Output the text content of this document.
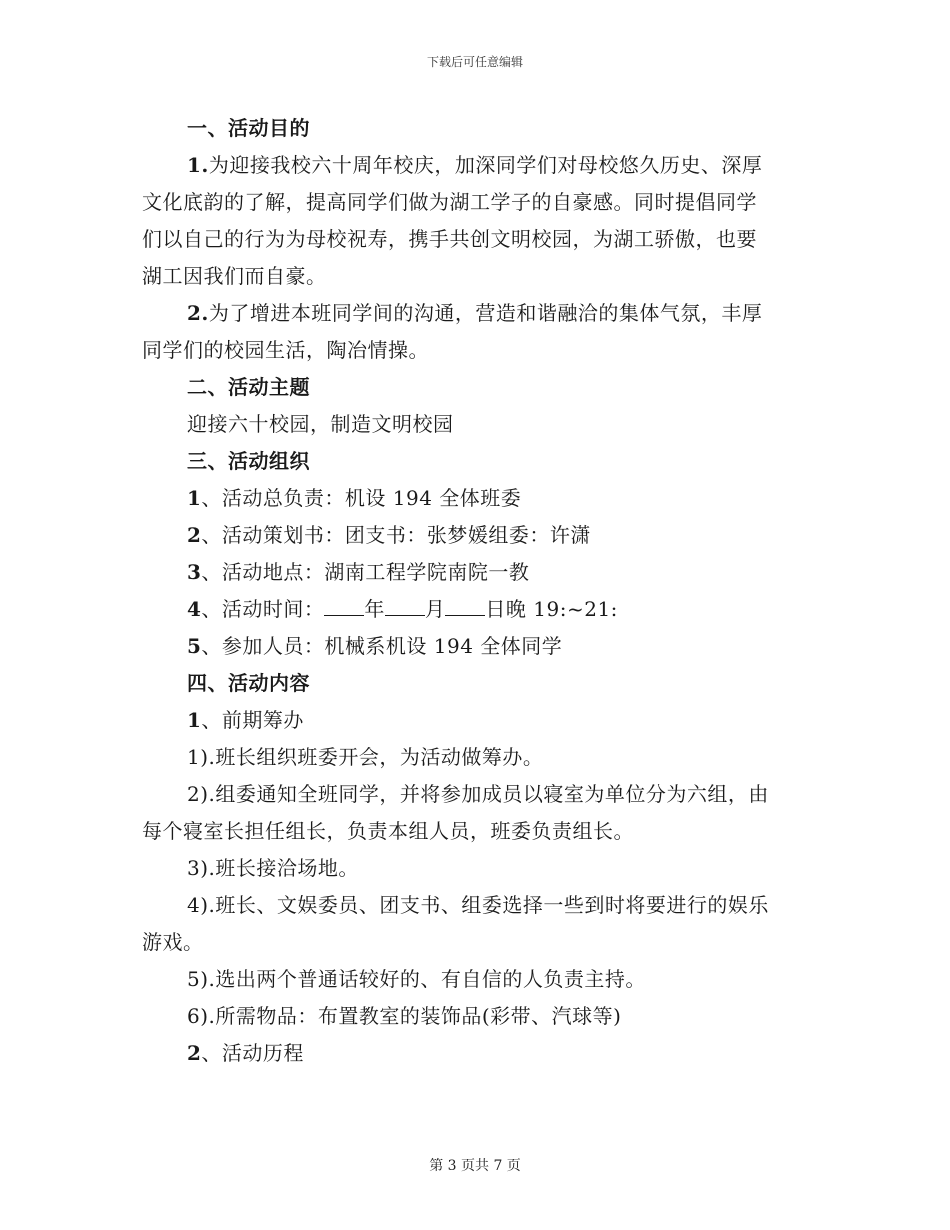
下载后可任意编辑
一、活动目的
1.为迎接我校六十周年校庆，加深同学们对母校悠久历史、深厚
文化底韵的了解，提高同学们做为湖工学子的自豪感。同时提倡同学
们以自己的行为为母校祝寿，携手共创文明校园，为湖工骄傲，也要
湖工因我们而自豪。
2.为了增进本班同学间的沟通，营造和谐融洽的集体气氛，丰厚
同学们的校园生活，陶冶情操。
二、活动主题
迎接六十校园，制造文明校园
三、活动组织
1、活动总负责：机设 194 全体班委
2、活动策划书：团支书：张梦媛组委：许潇
3、活动地点：湖南工程学院南院一教
4、活动时间： 年 月 日晚 19:~21:
5、参加人员：机械系机设 194 全体同学
四、活动内容
1、前期筹办
1).班长组织班委开会，为活动做筹办。
2).组委通知全班同学，并将参加成员以寝室为单位分为六组，由
每个寝室长担任组长，负责本组人员，班委负责组长。
3).班长接洽场地。
4).班长、文娱委员、团支书、组委选择一些到时将要进行的娱乐
游戏。
5).选出两个普通话较好的、有自信的人负责主持。
6).所需物品：布置教室的装饰品(彩带、汽球等)
2、活动历程
第 3 页共 7 页
